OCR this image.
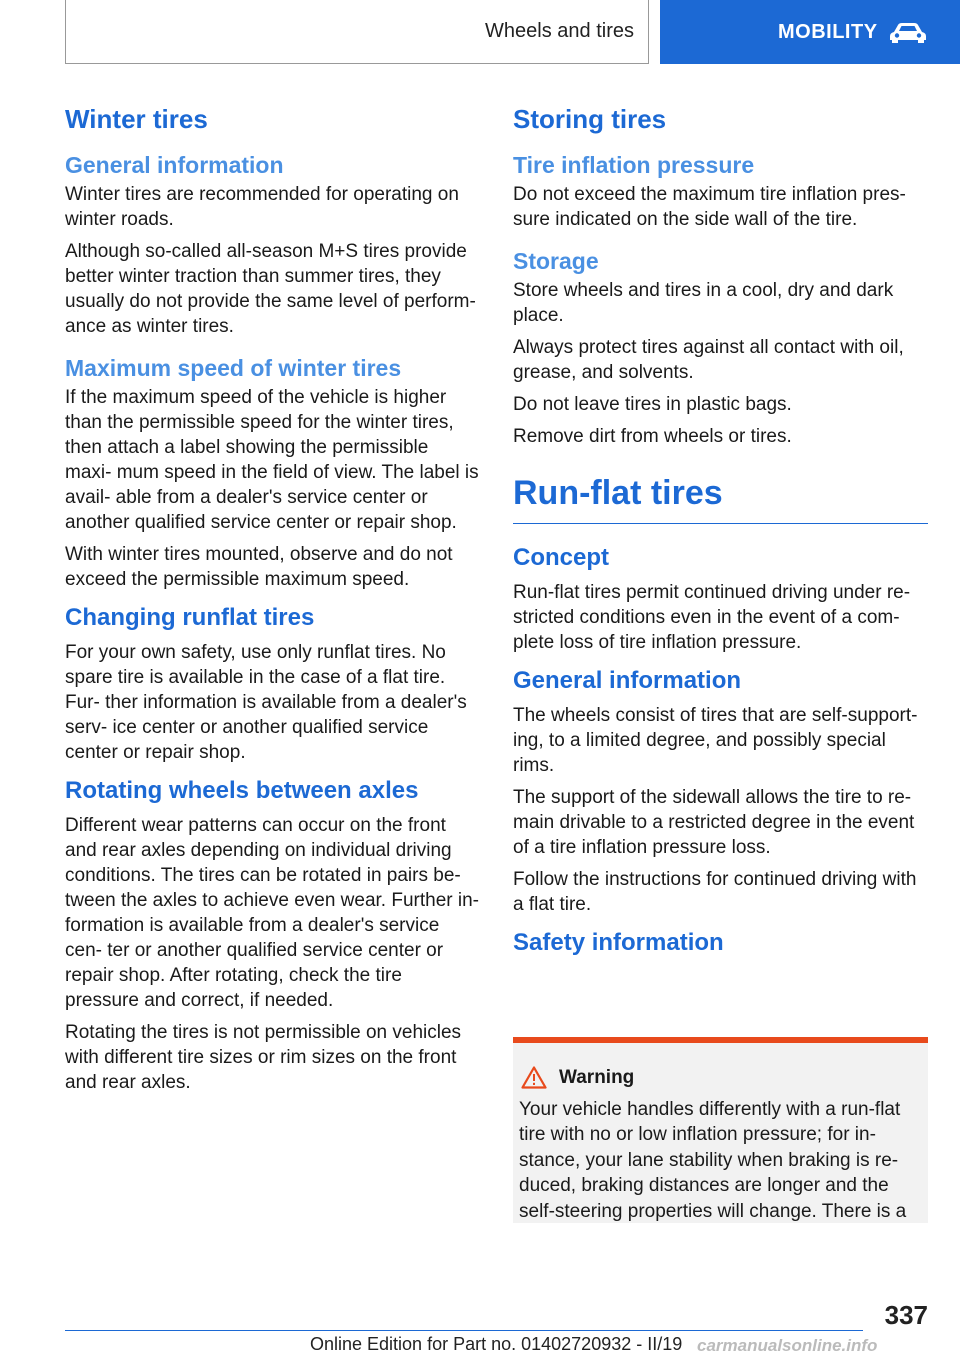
Wheels and tires	MOBILITY
Winter tires
General information

Winter tires are recommended for operating on winter roads.

Although so-called all-season M+S tires provide better winter traction than summer tires, they usually do not provide the same level of perform‐ ance as winter tires.

Maximum speed of winter tires

If the maximum speed of the vehicle is higher than the permissible speed for the winter tires, then attach a label showing the permissible maxi‐ mum speed in the field of view. The label is avail‐ able from a dealer's service center or another qualified service center or repair shop.

With winter tires mounted, observe and do not exceed the permissible maximum speed.

Changing runflat tires

For your own safety, use only runflat tires. No spare tire is available in the case of a flat tire. Fur‐ ther information is available from a dealer's serv‐ ice center or another qualified service center or repair shop.

Rotating wheels between axles

Different wear patterns can occur on the front and rear axles depending on individual driving conditions. The tires can be rotated in pairs be‐ tween the axles to achieve even wear. Further in‐ formation is available from a dealer's service cen‐ ter or another qualified service center or repair shop. After rotating, check the tire pressure and correct, if needed.

Rotating the tires is not permissible on vehicles with different tire sizes or rim sizes on the front and rear axles.

Storing tires
Tire inflation pressure

Do not exceed the maximum tire inflation pres‐ sure indicated on the side wall of the tire.

Storage

Store wheels and tires in a cool, dry and dark place.

Always protect tires against all contact with oil, grease, and solvents.

Do not leave tires in plastic bags.

Remove dirt from wheels or tires.

Run-flat tires
Concept

Run-flat tires permit continued driving under re‐ stricted conditions even in the event of a com‐ plete loss of tire inflation pressure.

General information

The wheels consist of tires that are self-support‐ ing, to a limited degree, and possibly special rims.

The support of the sidewall allows the tire to re‐ main drivable to a restricted degree in the event of a tire inflation pressure loss.

Follow the instructions for continued driving with a flat tire.

Safety information
Warning
Your vehicle handles differently with a run-flat tire with no or low inflation pressure; for in‐ stance, your lane stability when braking is re‐ duced, braking distances are longer and the self-steering properties will change. There is a
337
Online Edition for Part no. 01402720932 - II/19 carmanualsonline.info
